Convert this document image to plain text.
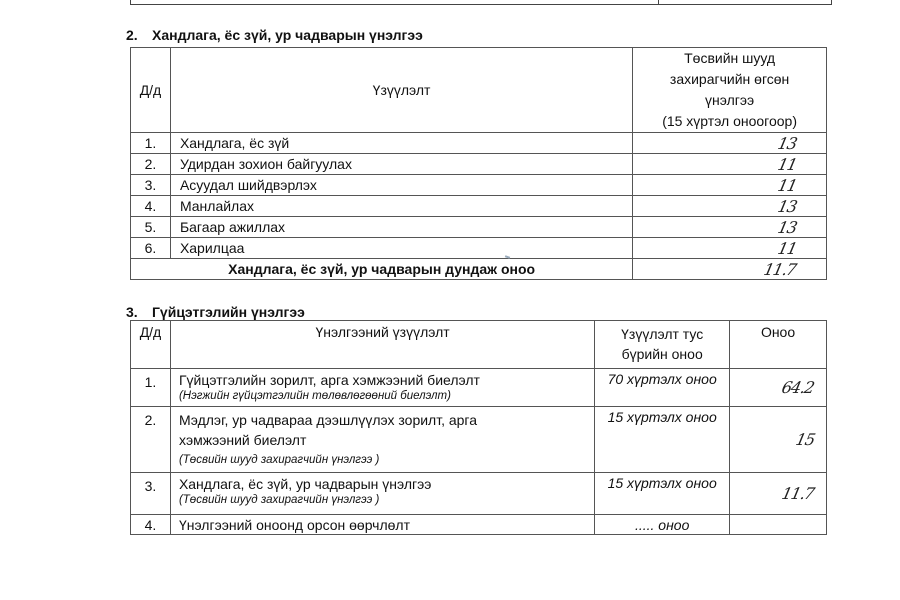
2. Хандлага, ёс зүй, ур чадварын үнэлгээ
Д/д	Үзүүлэлт	Төсвийн шууд
захирагчийн өгсөн
үнэлгээ
(15 хүртэл оноогоор)
1.	Хандлага, ёс зүй	13
2.	Удирдан зохион байгуулах	11
3.	Асуудал шийдвэрлэх	11
4.	Манлайлах	13
5.	Багаар ажиллах	13
6.	Харилцаа	11
Хандлага, ёс зүй, ур чадварын дундаж оноо		11.7
3. Гүйцэтгэлийн үнэлгээ
Д/д	Үнэлгээний үзүүлэлт	Үзүүлэлт тус
бүрийн оноо	Оноо
1.	Гүйцэтгэлийн зорилт, арга хэмжээний биелэлт
(Нэгжийн гүйцэтгэлийн төлөвлөгөөний биелэлт)	70 хүртэлх оноо	64.2
2.	Мэдлэг, ур чадвараа дээшлүүлэх зорилт, арга
хэмжээний биелэлт
(Төсвийн шууд захирагчийн үнэлгээ )	15 хүртэлх оноо	15
3.	Хандлага, ёс зүй, ур чадварын үнэлгээ
(Төсвийн шууд захирагчийн үнэлгээ )	15 хүртэлх оноо	11.7
4.	Үнэлгээний оноонд орсон өөрчлөлт	..... оноо	
